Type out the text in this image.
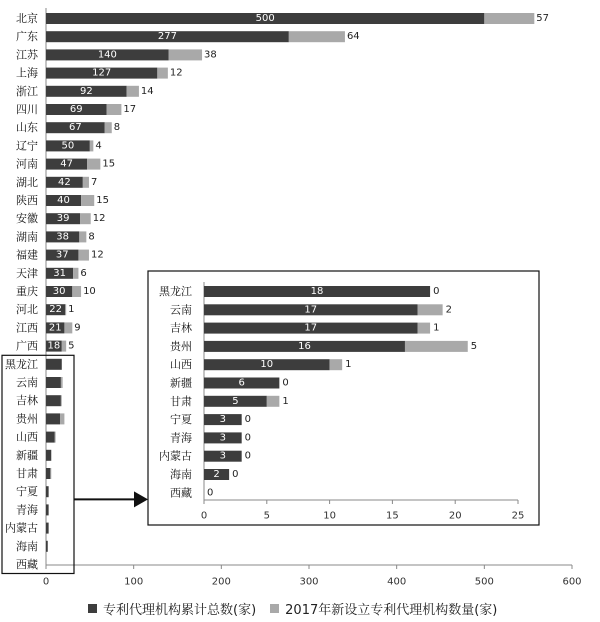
0	100	200	300	400	500	600
北京	500	57
广东	277	64
江苏	140	38
上海	127	12
浙江	92	14
四川	69	17
山东	67	8
辽宁 50 4
河南 47	15
湖北 42 7
陕西 40	15
安徽 39 12
湖南 38 8
福建 37 12
天津 31 6
重庆 30 10
河北 22 1
江西 21 9
广西 18 5
黑龙江
云南
吉林
贵州
山西
新疆
甘肃
宁夏
青海
内蒙古
海南
西藏
0	5	10	15	20	25
黑龙江	18	0
云南	17	2
吉林	17	1
贵州	16	5
山西	10	1
新疆	6	0
甘肃	5	1
宁夏	3 0
青海	3 0
内蒙古	3 0
海南 2 0
西藏 0
专利代理机构累计总数(家) 2017年新设立专利代理机构数量(家)
